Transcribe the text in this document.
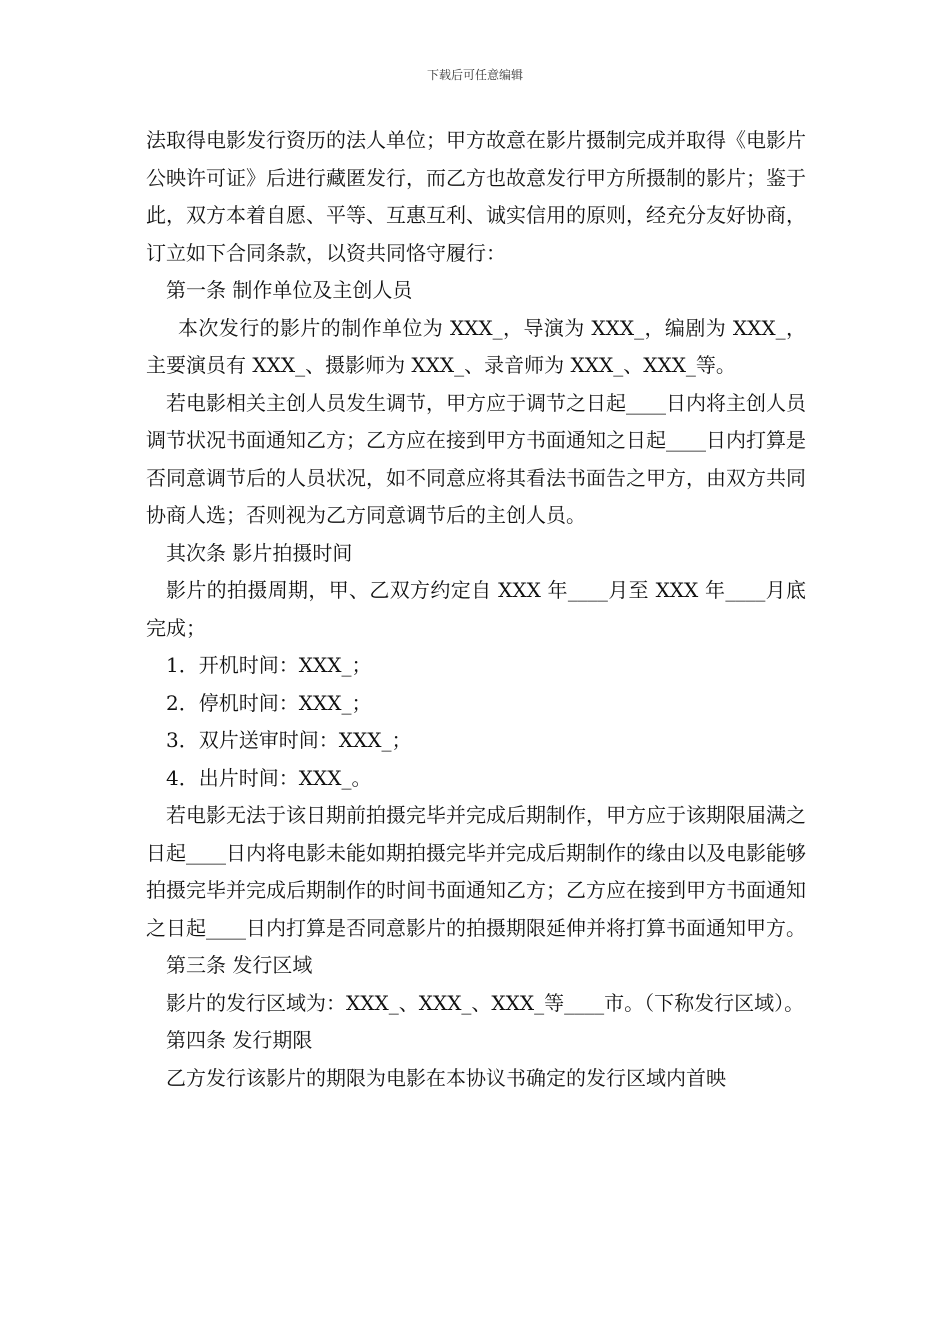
下载后可任意编辑

法取得电影发行资历的法人单位；甲方故意在影片摄制完成并取得《电影片公映许可证》后进行藏匿发行，而乙方也故意发行甲方所摄制的影片；鉴于此，双方本着自愿、平等、互惠互利、诚实信用的原则，经充分友好协商，订立如下合同条款，以资共同恪守履行：

第一条 制作单位及主创人员

本次发行的影片的制作单位为 XXX_，导演为 XXX_，编剧为 XXX_，主要演员有 XXX_、摄影师为 XXX_、录音师为 XXX_、XXX_等。

若电影相关主创人员发生调节，甲方应于调节之日起____日内将主创人员调节状况书面通知乙方；乙方应在接到甲方书面通知之日起____日内打算是否同意调节后的人员状况，如不同意应将其看法书面告之甲方，由双方共同协商人选；否则视为乙方同意调节后的主创人员。

其次条 影片拍摄时间

影片的拍摄周期，甲、乙双方约定自 XXX 年____月至 XXX 年____月底完成；

1．开机时间：XXX_；

2．停机时间：XXX_；

3．双片送审时间：XXX_；

4．出片时间：XXX_。

若电影无法于该日期前拍摄完毕并完成后期制作，甲方应于该期限届满之日起____日内将电影未能如期拍摄完毕并完成后期制作的缘由以及电影能够拍摄完毕并完成后期制作的时间书面通知乙方；乙方应在接到甲方书面通知之日起____日内打算是否同意影片的拍摄期限延伸并将打算书面通知甲方。

第三条 发行区域

影片的发行区域为：XXX_、XXX_、XXX_等____市。（下称发行区域）。

第四条 发行期限

乙方发行该影片的期限为电影在本协议书确定的发行区域内首映
